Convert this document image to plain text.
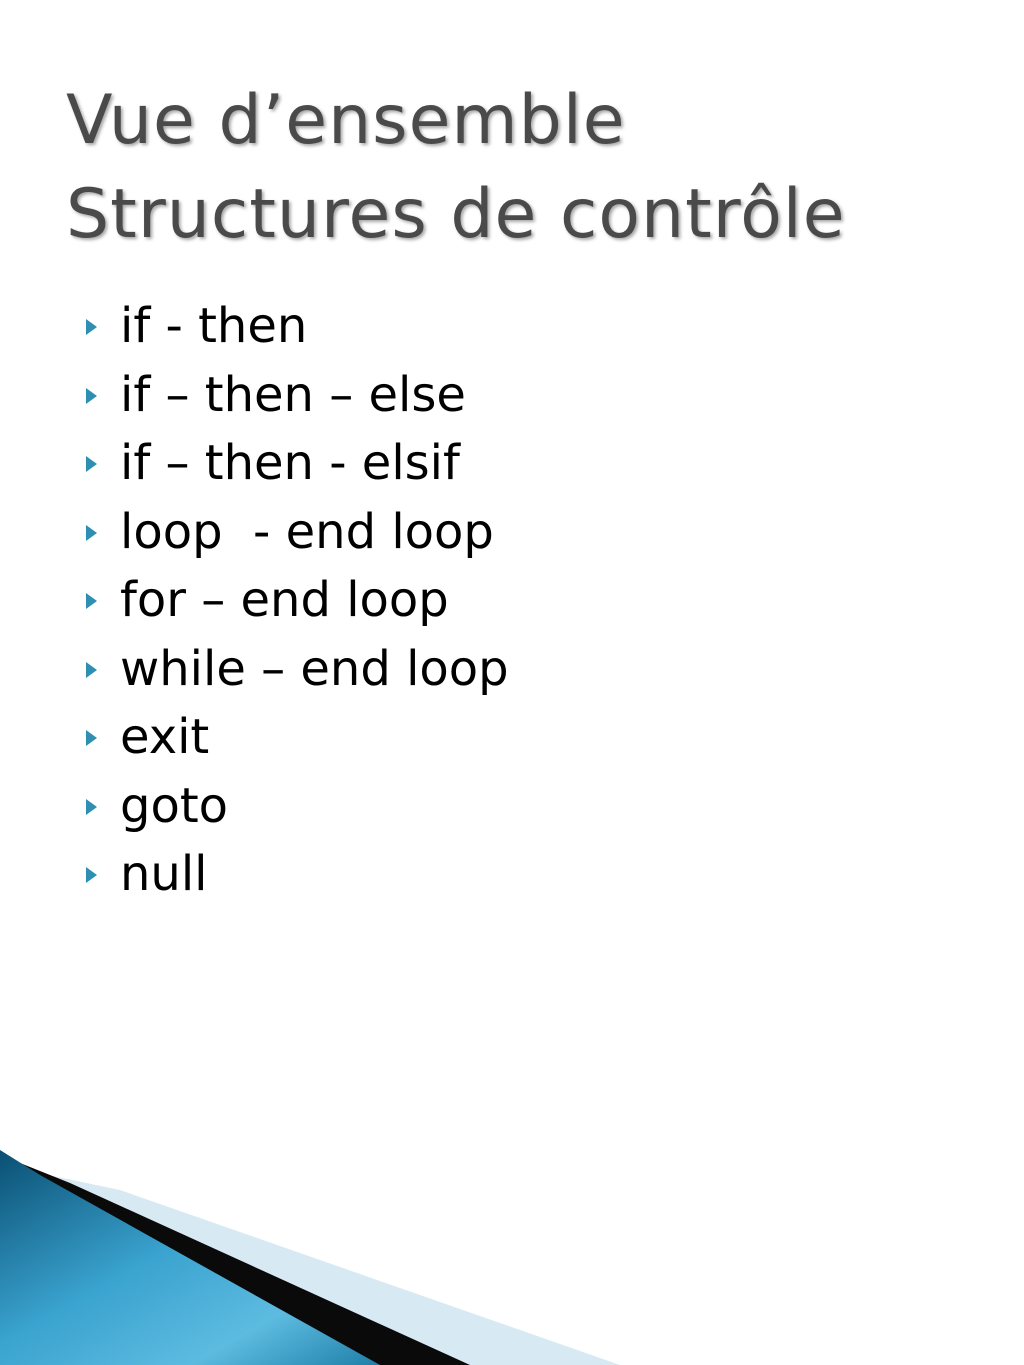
Vue d’ensemble
Structures de contrôle
if - then
if – then – else
if – then - elsif
loop  - end loop
for – end loop
while – end loop
exit
goto
null
